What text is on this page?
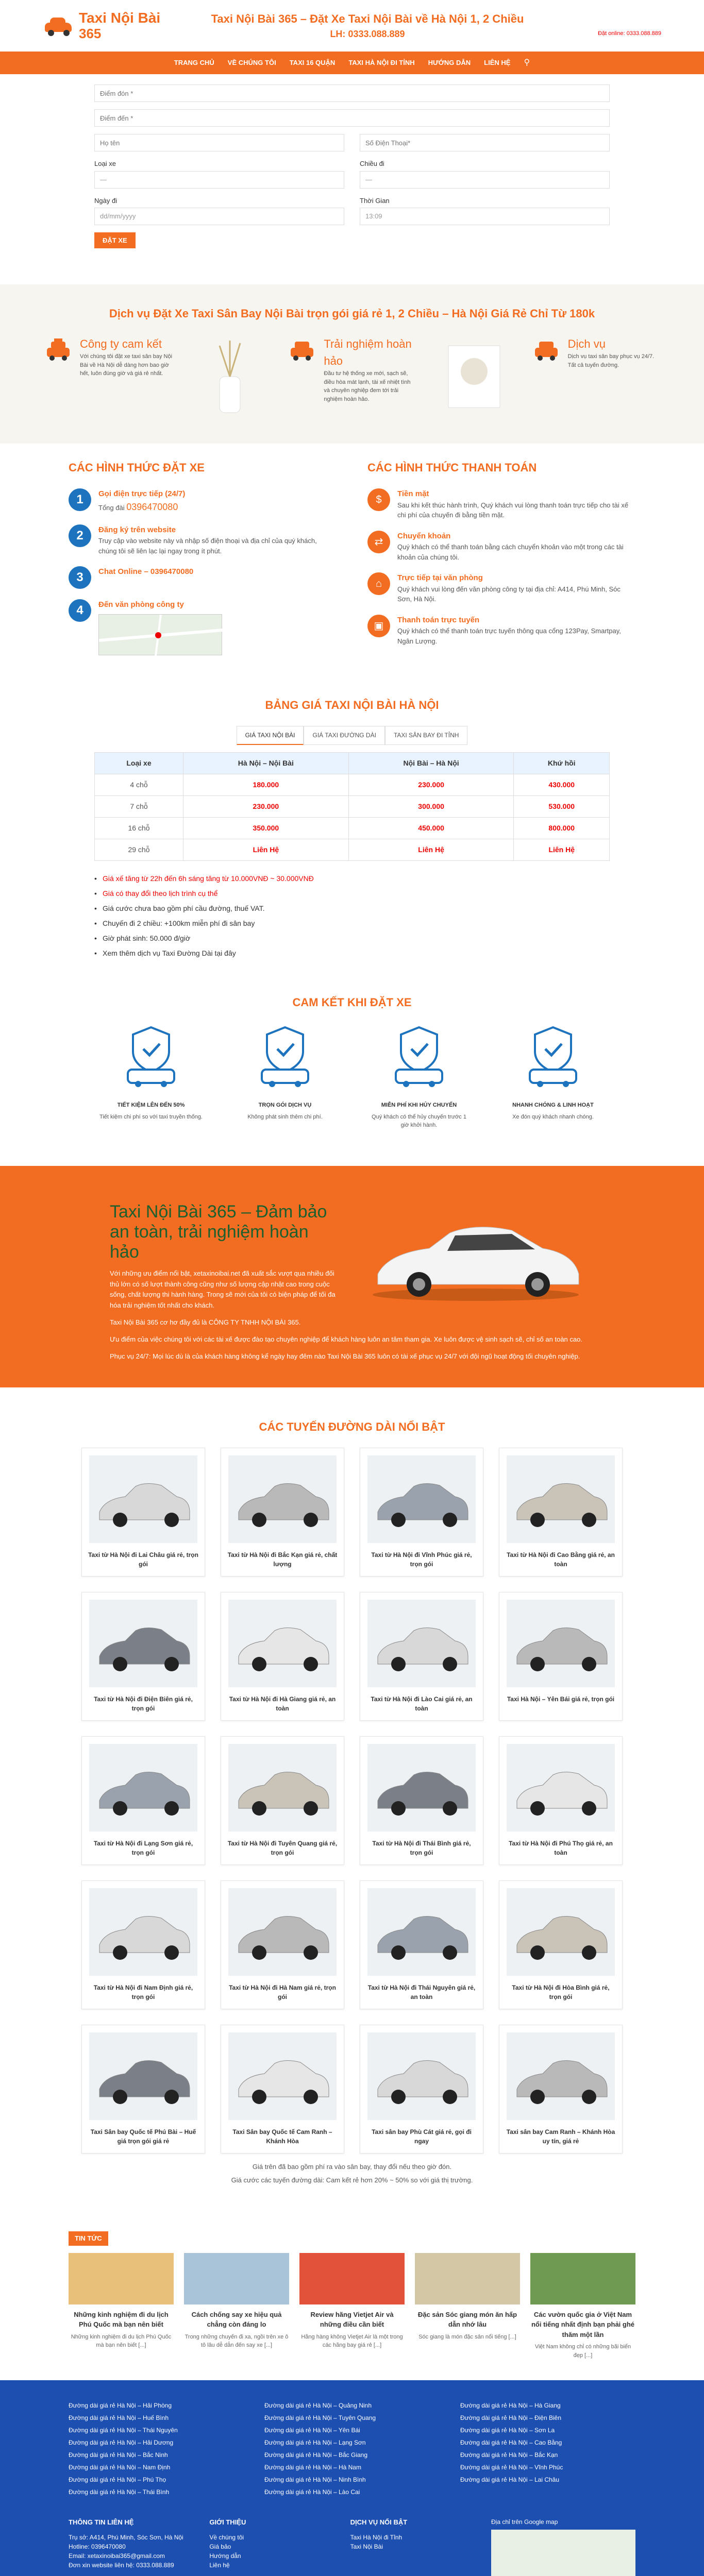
Taxi Nội Bài
365
Taxi Nội Bài 365 – Đặt Xe Taxi Nội Bài về Hà Nội 1, 2 Chiều
LH: 0333.088.889	Đặt online: 0333.088.889
TRANG CHỦ VỀ CHÚNG TÔI TAXI 16 QUẬN TAXI HÀ NỘI ĐI TỈNH HƯỚNG DẪN LIÊN HỆ ⚲
Điểm đón *
Điểm đến *
Họ tên
Số Điện Thoại*
Loại xe
—
Chiều đi
—
Ngày đi
dd/mm/yyyy
Thời Gian
13:09
ĐẶT XE
Dịch vụ Đặt Xe Taxi Sân Bay Nội Bài trọn gói giá rẻ 1, 2 Chiều – Hà Nội Giá Rẻ Chỉ Từ 180k
Công ty cam kết

Với chúng tôi đặt xe taxi sân bay Nội Bài về Hà Nội dễ dàng hơn bao giờ hết, luôn đúng giờ và giá rẻ nhất.

Trải nghiệm hoàn hảo

Đầu tư hệ thống xe mới, sạch sẽ, điều hòa mát lạnh, tài xế nhiệt tình và chuyên nghiệp đem tới trải nghiệm hoàn hảo.

Dịch vụ

Dịch vụ taxi sân bay phục vụ 24/7. Tất cả tuyến đường.

CÁC HÌNH THỨC ĐẶT XE
1	Gọi điện trực tiếp (24/7)

Tổng đài 0396470080

2	Đăng ký trên website

Truy cập vào website này và nhập số điện thoại và địa chỉ của quý khách, chúng tôi sẽ liên lạc lại ngay trong ít phút.

3	Chat Online – 0396470080
4	Đến văn phòng công ty
CÁC HÌNH THỨC THANH TOÁN
$
Tiền mặt

Sau khi kết thúc hành trình, Quý khách vui lòng thanh toán trực tiếp cho tài xế chi phí của chuyến đi bằng tiền mặt.

⇄
Chuyển khoản

Quý khách có thể thanh toán bằng cách chuyển khoản vào một trong các tài khoản của chúng tôi.

⌂
Trực tiếp tại văn phòng

Quý khách vui lòng đến văn phòng công ty tại địa chỉ: A414, Phú Minh, Sóc Sơn, Hà Nội.

▣
Thanh toán trực tuyến

Quý khách có thể thanh toán trực tuyến thông qua cổng 123Pay, Smartpay, Ngân Lượng.

BẢNG GIÁ TAXI NỘI BÀI HÀ NỘI
GIÁ TAXI NỘI BÀI	GIÁ TAXI ĐƯỜNG DÀI	TAXI SÂN BAY ĐI TỈNH
Loại xe	Hà Nội – Nội Bài	Nội Bài – Hà Nội	Khứ hồi
4 chỗ	180.000	230.000	430.000
7 chỗ	230.000	300.000	530.000
16 chỗ	350.000	450.000	800.000
29 chỗ	Liên Hệ	Liên Hệ	Liên Hệ
• Giá xế tăng từ 22h đến 6h sáng tăng từ 10.000VNĐ ~ 30.000VNĐ
• Giá có thay đổi theo lịch trình cụ thể
• Giá cước chưa bao gồm phí cầu đường, thuế VAT.
• Chuyến đi 2 chiều: +100km miễn phí đi sân bay
• Giờ phát sinh: 50.000 đ/giờ
• Xem thêm dịch vụ Taxi Đường Dài tại đây
CAM KẾT KHI ĐẶT XE
TIẾT KIỆM LÊN ĐẾN 50%

Tiết kiệm chi phí so với taxi truyền thống.

TRỌN GÓI DỊCH VỤ

Không phát sinh thêm chi phí.

MIỄN PHÍ KHI HỦY CHUYẾN

Quý khách có thể hủy chuyến trước 1 giờ khởi hành.

NHANH CHÓNG & LINH HOẠT

Xe đón quý khách nhanh chóng.

Taxi Nội Bài 365 – Đảm bảo an toàn, trải nghiệm hoàn hảo

Với những ưu điểm nổi bật, xetaxinoibai.net đã xuất sắc vượt qua nhiều đối thủ lớn có số lượt thành công cũng như số lượng cập nhật cao trong cuộc sống, chất lượng thi hành hàng. Trong sẽ mới của tôi có biện pháp để tối đa hóa trải nghiệm tốt nhất cho khách.

Taxi Nội Bài 365 cơ hơ đầy đủ là CÔNG TY TNHH NỘI BÀI 365.

Ưu điểm của việc chúng tôi với các tài xế được đào tạo chuyên nghiệp để khách hàng luôn an tâm tham gia. Xe luôn được vệ sinh sạch sẽ, chỉ số an toàn cao.

Phục vụ 24/7: Mọi lúc dù là của khách hàng không kể ngày hay đêm nào Taxi Nội Bài 365 luôn có tài xế phục vụ 24/7 với đội ngũ hoạt động tối chuyên nghiệp.

CÁC TUYẾN ĐƯỜNG DÀI NỔI BẬT
Taxi từ Hà Nội đi Lai Châu giá rẻ, trọn gói
Taxi từ Hà Nội đi Bắc Kạn giá rẻ, chất lượng
Taxi từ Hà Nội đi Vĩnh Phúc giá rẻ, trọn gói
Taxi từ Hà Nội đi Cao Bằng giá rẻ, an toàn
Taxi từ Hà Nội đi Điện Biên giá rẻ, trọn gói
Taxi từ Hà Nội đi Hà Giang giá rẻ, an toàn
Taxi từ Hà Nội đi Lào Cai giá rẻ, an toàn
Taxi Hà Nội – Yên Bái giá rẻ, trọn gói
Taxi từ Hà Nội đi Lạng Sơn giá rẻ, trọn gói
Taxi từ Hà Nội đi Tuyên Quang giá rẻ, trọn gói
Taxi từ Hà Nội đi Thái Bình giá rẻ, trọn gói
Taxi từ Hà Nội đi Phú Thọ giá rẻ, an toàn
Taxi từ Hà Nội đi Nam Định giá rẻ, trọn gói
Taxi từ Hà Nội đi Hà Nam giá rẻ, trọn gói
Taxi từ Hà Nội đi Thái Nguyên giá rẻ, an toàn
Taxi từ Hà Nội đi Hòa Bình giá rẻ, trọn gói
Taxi Sân bay Quốc tế Phú Bài – Huế giá trọn gói giá rẻ
Taxi Sân bay Quốc tế Cam Ranh – Khánh Hòa
Taxi sân bay Phù Cát giá rẻ, gọi đi ngay
Taxi sân bay Cam Ranh – Khánh Hòa uy tín, giá rẻ
Giá trên đã bao gồm phí ra vào sân bay, thay đổi nếu theo giờ đón.
Giá cước các tuyến đường dài: Cam kết rẻ hơn 20% ~ 50% so với giá thị trường.
TIN TỨC
Những kinh nghiệm đi du lịch Phú Quốc mà bạn nên biết

Những kinh nghiệm đi du lịch Phú Quốc mà bạn nên biết [...]

Cách chống say xe hiệu quả chẳng còn đáng lo

Trong những chuyến đi xa, ngồi trên xe ô tô lâu dễ dẫn đến say xe [...]

Review hãng Vietjet Air và những điều cần biết

Hãng hàng không Vietjet Air là một trong các hãng bay giá rẻ [...]

Đặc sản Sóc giang món ăn hấp dẫn nhớ lâu

Sóc giang là món đặc sản nổi tiếng [...]

Các vườn quốc gia ở Việt Nam nổi tiếng nhất định bạn phải ghé thăm một lần

Việt Nam không chỉ có những bãi biển đẹp [...]

Đường dài giá rẻ Hà Nội – Hải Phòng	Đường dài giá rẻ Hà Nội – Quảng Ninh	Đường dài giá rẻ Hà Nội – Hà Giang
Đường dài giá rẻ Hà Nội – Huế Bình	Đường dài giá rẻ Hà Nội – Tuyên Quang	Đường dài giá rẻ Hà Nội – Điện Biên
Đường dài giá rẻ Hà Nội – Thái Nguyên	Đường dài giá rẻ Hà Nội – Yên Bái	Đường dài giá rẻ Hà Nội – Sơn La
Đường dài giá rẻ Hà Nội – Hải Dương	Đường dài giá rẻ Hà Nội – Lạng Sơn	Đường dài giá rẻ Hà Nội – Cao Bằng
Đường dài giá rẻ Hà Nội – Bắc Ninh	Đường dài giá rẻ Hà Nội – Bắc Giang	Đường dài giá rẻ Hà Nội – Bắc Kạn
Đường dài giá rẻ Hà Nội – Nam Định	Đường dài giá rẻ Hà Nội – Hà Nam	Đường dài giá rẻ Hà Nội – Vĩnh Phúc
Đường dài giá rẻ Hà Nội – Phú Thọ	Đường dài giá rẻ Hà Nội – Ninh Bình	Đường dài giá rẻ Hà Nội – Lai Châu
Đường dài giá rẻ Hà Nội – Thái Bình	Đường dài giá rẻ Hà Nội – Lào Cai
THÔNG TIN LIÊN HỆ
Trụ sở: A414, Phú Minh, Sóc Sơn, Hà Nội
Hotline: 0396470080
Email: xetaxinoibai365@gmail.com
Đơn xin website liên hệ: 0333.088.889
GIỚI THIỆU
Về chúng tôi
Giá bảo
Hướng dẫn
Liên hệ
DỊCH VỤ NỔI BẬT
Taxi Hà Nội đi Tỉnh
Taxi Nội Bài
Địa chỉ trên Google map
